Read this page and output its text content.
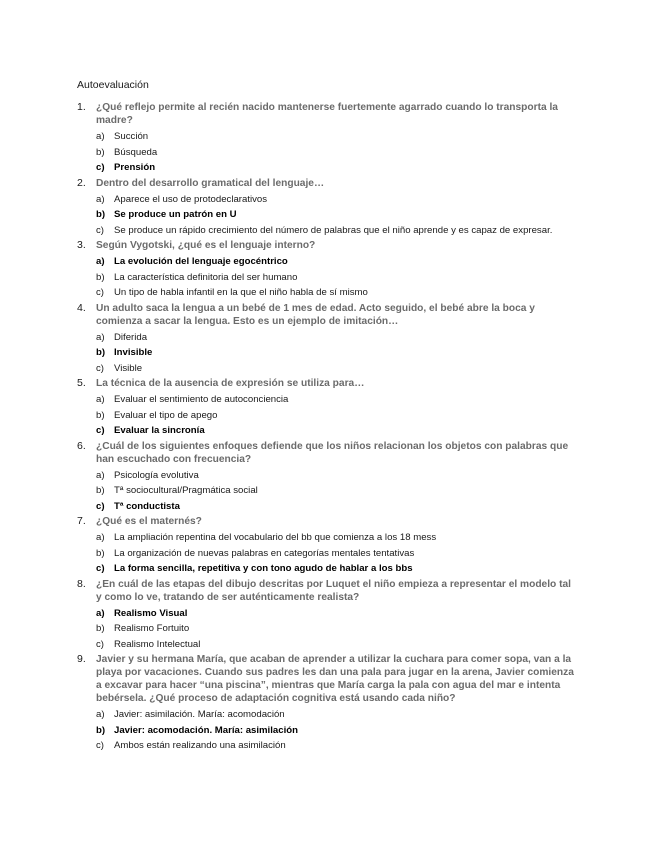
Autoevaluación
1.	¿Qué reflejo permite al recién nacido mantenerse fuertemente agarrado cuando lo transporta la madre?
a) Succión
b) Búsqueda
c) Prensión
2.	Dentro del desarrollo gramatical del lenguaje…
a) Aparece el uso de protodeclarativos
b) Se produce un patrón en U
c)	Se produce un rápido crecimiento del número de palabras que el niño aprende y es capaz de expresar.
3.	Según Vygotski, ¿qué es el lenguaje interno?
a) La evolución del lenguaje egocéntrico
b) La característica definitoria del ser humano
c)	Un tipo de habla infantil en la que el niño habla de sí mismo
4.	Un adulto saca la lengua a un bebé de 1 mes de edad. Acto seguido, el bebé abre la boca y comienza a sacar la lengua. Esto es un ejemplo de imitación…
a) Diferida
b) Invisible
c)	Visible
5.	La técnica de la ausencia de expresión se utiliza para…
a) Evaluar el sentimiento de autoconciencia
b) Evaluar el tipo de apego
c) Evaluar la sincronía
6.	¿Cuál de los siguientes enfoques defiende que los niños relacionan los objetos con palabras que han escuchado con frecuencia?
a) Psicología evolutiva
b) Tª sociocultural/Pragmática social
c) Tª conductista
7.	¿Qué es el maternés?
a) La ampliación repentina del vocabulario del bb que comienza a los 18 mess
b) La organización de nuevas palabras en categorías mentales tentativas
c) La forma sencilla, repetitiva y con tono agudo de hablar a los bbs
8.	¿En cuál de las etapas del dibujo descritas por Luquet el niño empieza a representar el modelo tal y como lo ve, tratando de ser auténticamente realista?
a) Realismo Visual
b) Realismo Fortuito
c)	Realismo Intelectual
9.	Javier y su hermana María, que acaban de aprender a utilizar la cuchara para comer sopa, van a la playa por vacaciones. Cuando sus padres les dan una pala para jugar en la arena, Javier comienza a excavar para hacer “una piscina”, mientras que María carga la pala con agua del mar e intenta bebérsela. ¿Qué proceso de adaptación cognitiva está usando cada niño?
a) Javier: asimilación. María: acomodación
b) Javier: acomodación. María: asimilación
c)	Ambos están realizando una asimilación
